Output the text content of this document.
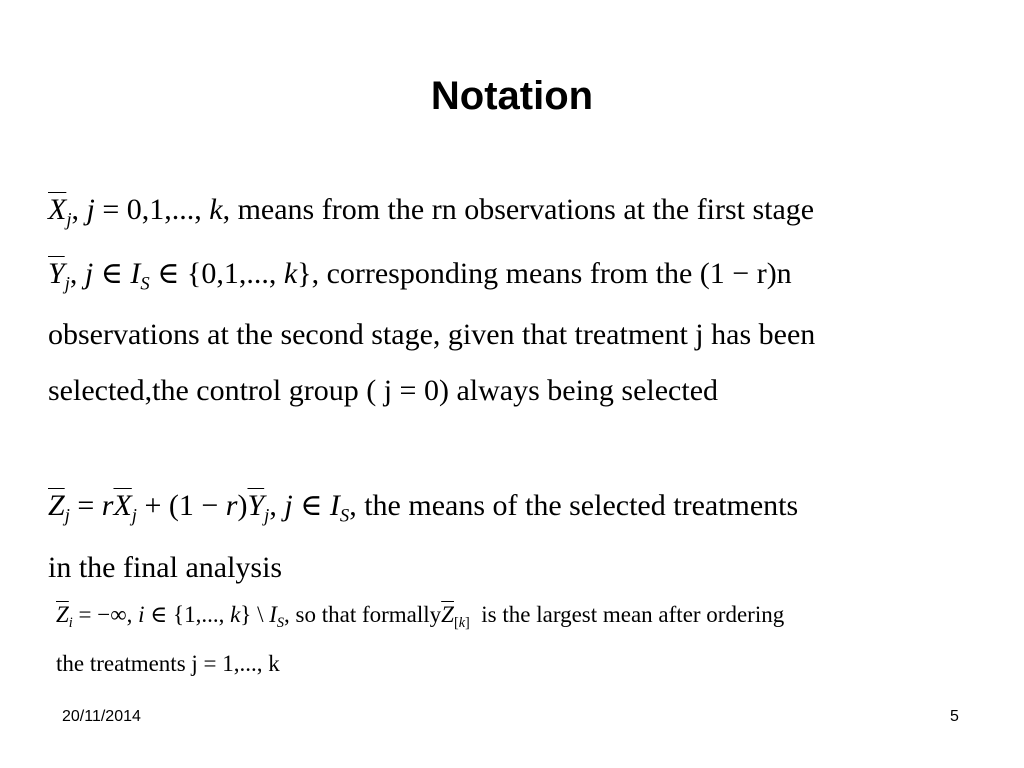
Notation
$\overline{X}_j$, j = 0,1,..., k, means from the rn observations at the first stage
$\overline{Y}_j$, j ∈ $I_S$ ∈ {0,1,..., k}, corresponding means from the (1 − r)n
observations at the second stage, given that treatment j has been
selected,the control group ( j = 0) always being selected
$\overline{Z}_j = r\overline{X}_j + (1 - r)\overline{Y}_j$, j ∈ $I_S$, the means of the selected treatments
in the final analysis
$\overline{Z}_i$ = −∞, i ∈ {1,..., k} \ $I_S$, so that $formally\overline{Z}_{[k]}$ is the largest mean after ordering
the treatments j = 1,..., k
20/11/2014	5
